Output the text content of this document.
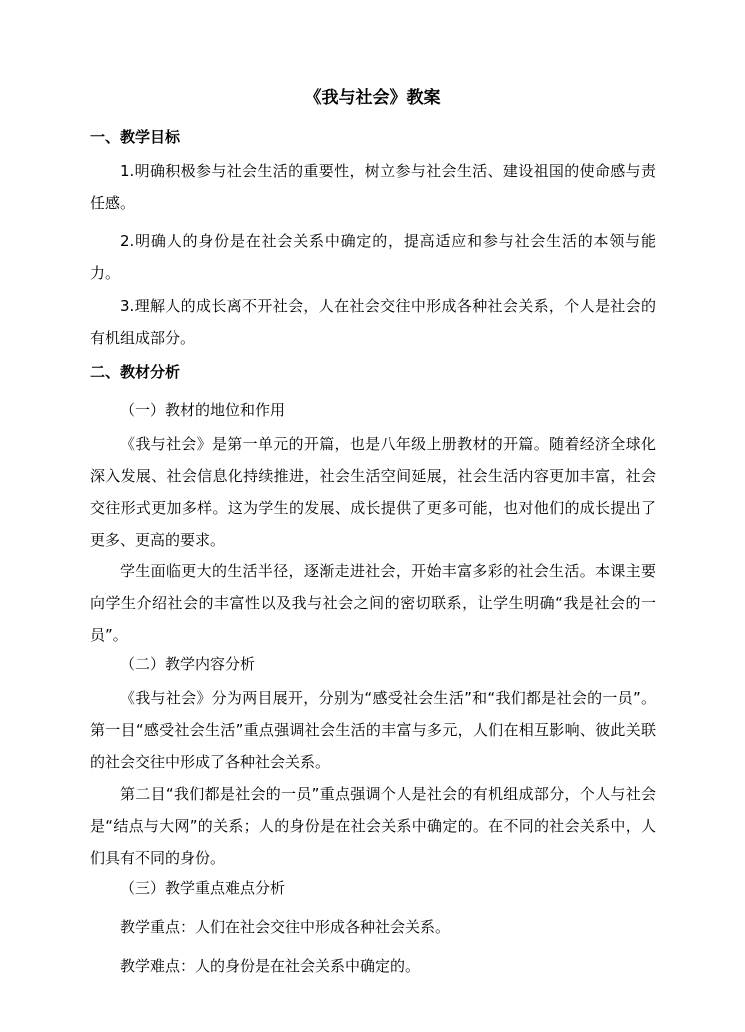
《我与社会》教案
一、教学目标
1.明确积极参与社会生活的重要性，树立参与社会生活、建设祖国的使命感与责任感。
2.明确人的身份是在社会关系中确定的，提高适应和参与社会生活的本领与能力。
3.理解人的成长离不开社会，人在社会交往中形成各种社会关系，个人是社会的有机组成部分。
二、教材分析
（一）教材的地位和作用
《我与社会》是第一单元的开篇，也是八年级上册教材的开篇。随着经济全球化深入发展、社会信息化持续推进，社会生活空间延展，社会生活内容更加丰富，社会交往形式更加多样。这为学生的发展、成长提供了更多可能，也对他们的成长提出了更多、更高的要求。
学生面临更大的生活半径，逐渐走进社会，开始丰富多彩的社会生活。本课主要向学生介绍社会的丰富性以及我与社会之间的密切联系，让学生明确“我是社会的一员”。
（二）教学内容分析
《我与社会》分为两目展开，分别为“感受社会生活”和“我们都是社会的一员”。第一目“感受社会生活”重点强调社会生活的丰富与多元，人们在相互影响、彼此关联的社会交往中形成了各种社会关系。
第二目“我们都是社会的一员”重点强调个人是社会的有机组成部分，个人与社会是“结点与大网”的关系；人的身份是在社会关系中确定的。在不同的社会关系中，人们具有不同的身份。
（三）教学重点难点分析
教学重点：人们在社会交往中形成各种社会关系。
教学难点：人的身份是在社会关系中确定的。
